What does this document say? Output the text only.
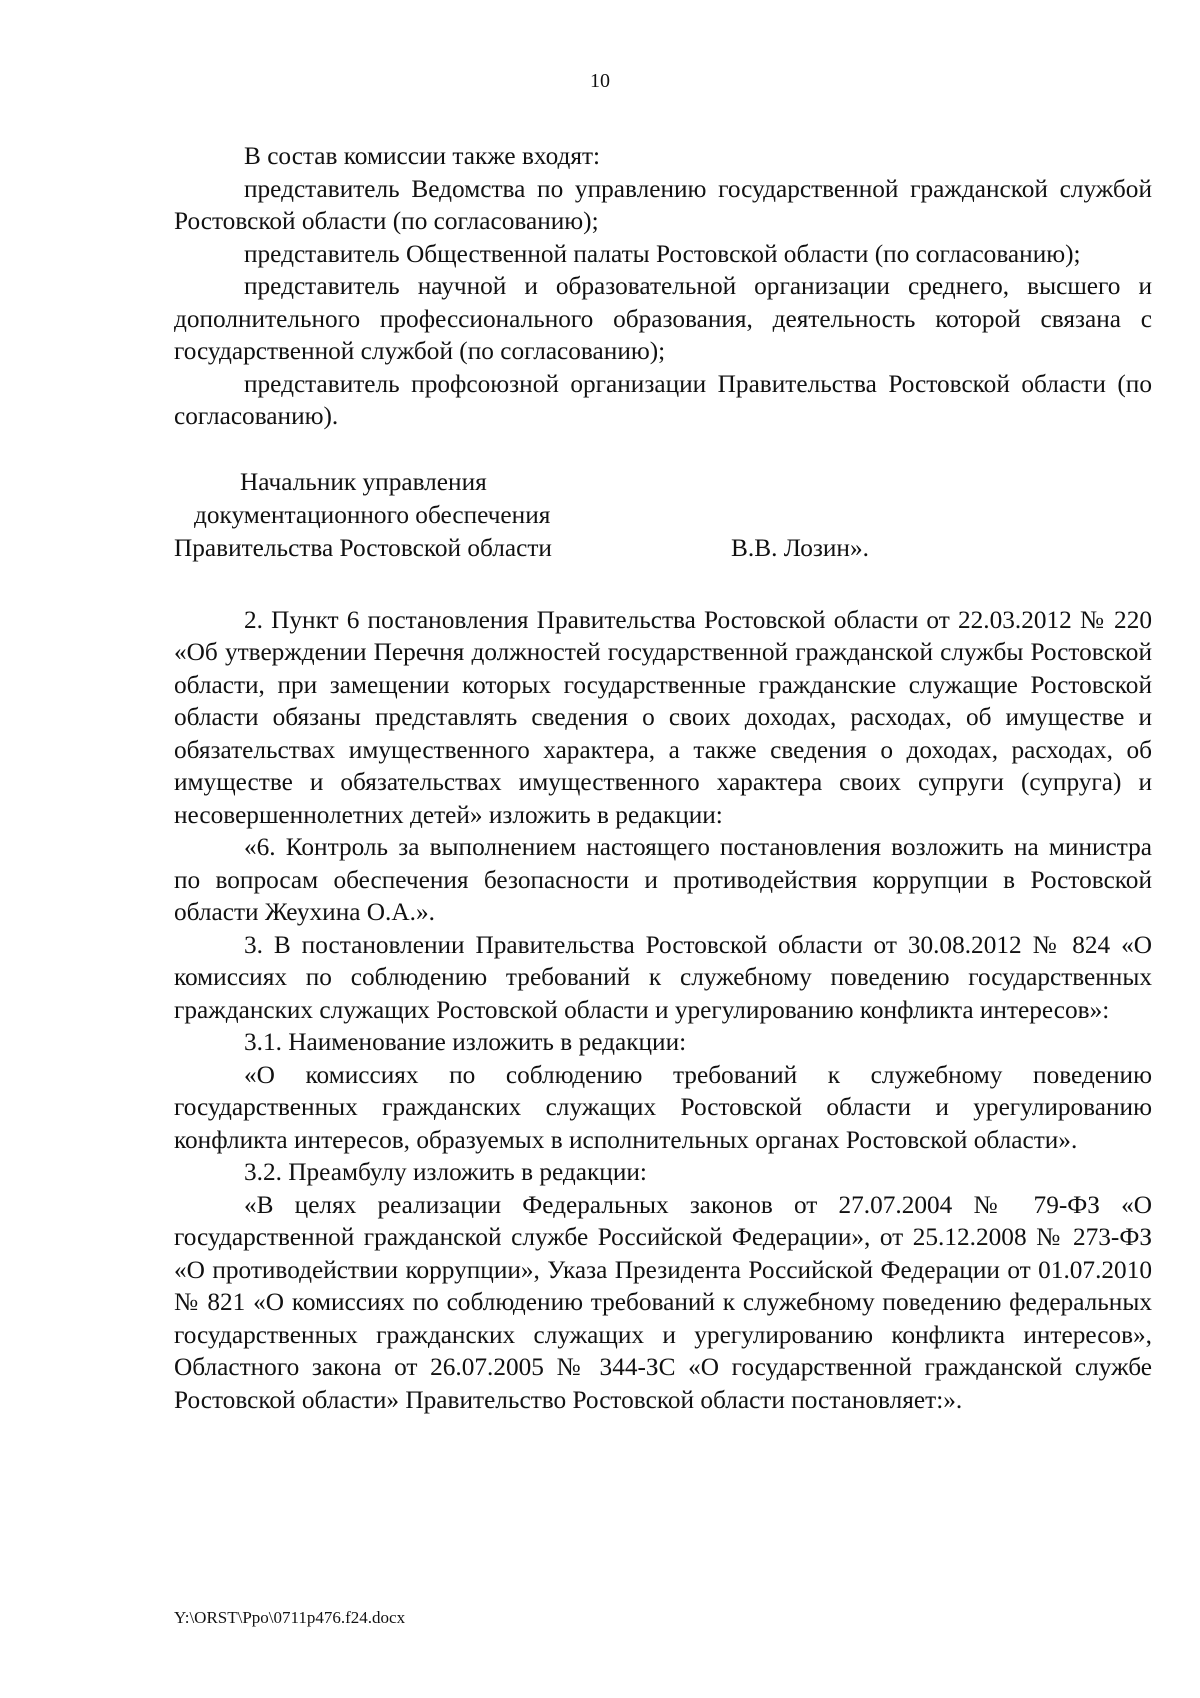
10

В состав комиссии также входят:

представитель Ведомства по управлению государственной гражданской службой Ростовской области (по согласованию);

представитель Общественной палаты Ростовской области (по согласованию);

представитель научной и образовательной организации среднего, высшего и дополнительного профессионального образования, деятельность которой связана с государственной службой (по согласованию);

представитель профсоюзной организации Правительства Ростовской области (по согласованию).

Начальник управления
документационного обеспечения
Правительства Ростовской области	В.В. Лозин».

2. Пункт 6 постановления Правительства Ростовской области от 22.03.2012 № 220 «Об утверждении Перечня должностей государственной гражданской службы Ростовской области, при замещении которых государственные гражданские служащие Ростовской области обязаны представлять сведения о своих доходах, расходах, об имуществе и обязательствах имущественного характера, а также сведения о доходах, расходах, об имуществе и обязательствах имущественного характера своих супруги (супруга) и несовершеннолетних детей» изложить в редакции:

«6. Контроль за выполнением настоящего постановления возложить на министра по вопросам обеспечения безопасности и противодействия коррупции в Ростовской области Жеухина О.А.».

3. В постановлении Правительства Ростовской области от 30.08.2012 № 824 «О комиссиях по соблюдению требований к служебному поведению государственных гражданских служащих Ростовской области и урегулированию конфликта интересов»:

3.1. Наименование изложить в редакции:

«О комиссиях по соблюдению требований к служебному поведению государственных гражданских служащих Ростовской области и урегулированию конфликта интересов, образуемых в исполнительных органах Ростовской области».

3.2. Преамбулу изложить в редакции:

«В целях реализации Федеральных законов от 27.07.2004 № 79-ФЗ «О государственной гражданской службе Российской Федерации», от 25.12.2008 № 273-ФЗ «О противодействии коррупции», Указа Президента Российской Федерации от 01.07.2010 № 821 «О комиссиях по соблюдению требований к служебному поведению федеральных государственных гражданских служащих и урегулированию конфликта интересов», Областного закона от 26.07.2005 № 344-ЗС «О государственной гражданской службе Ростовской области» Правительство Ростовской области постановляет:».

Y:\ORST\Ppo\0711p476.f24.docx
